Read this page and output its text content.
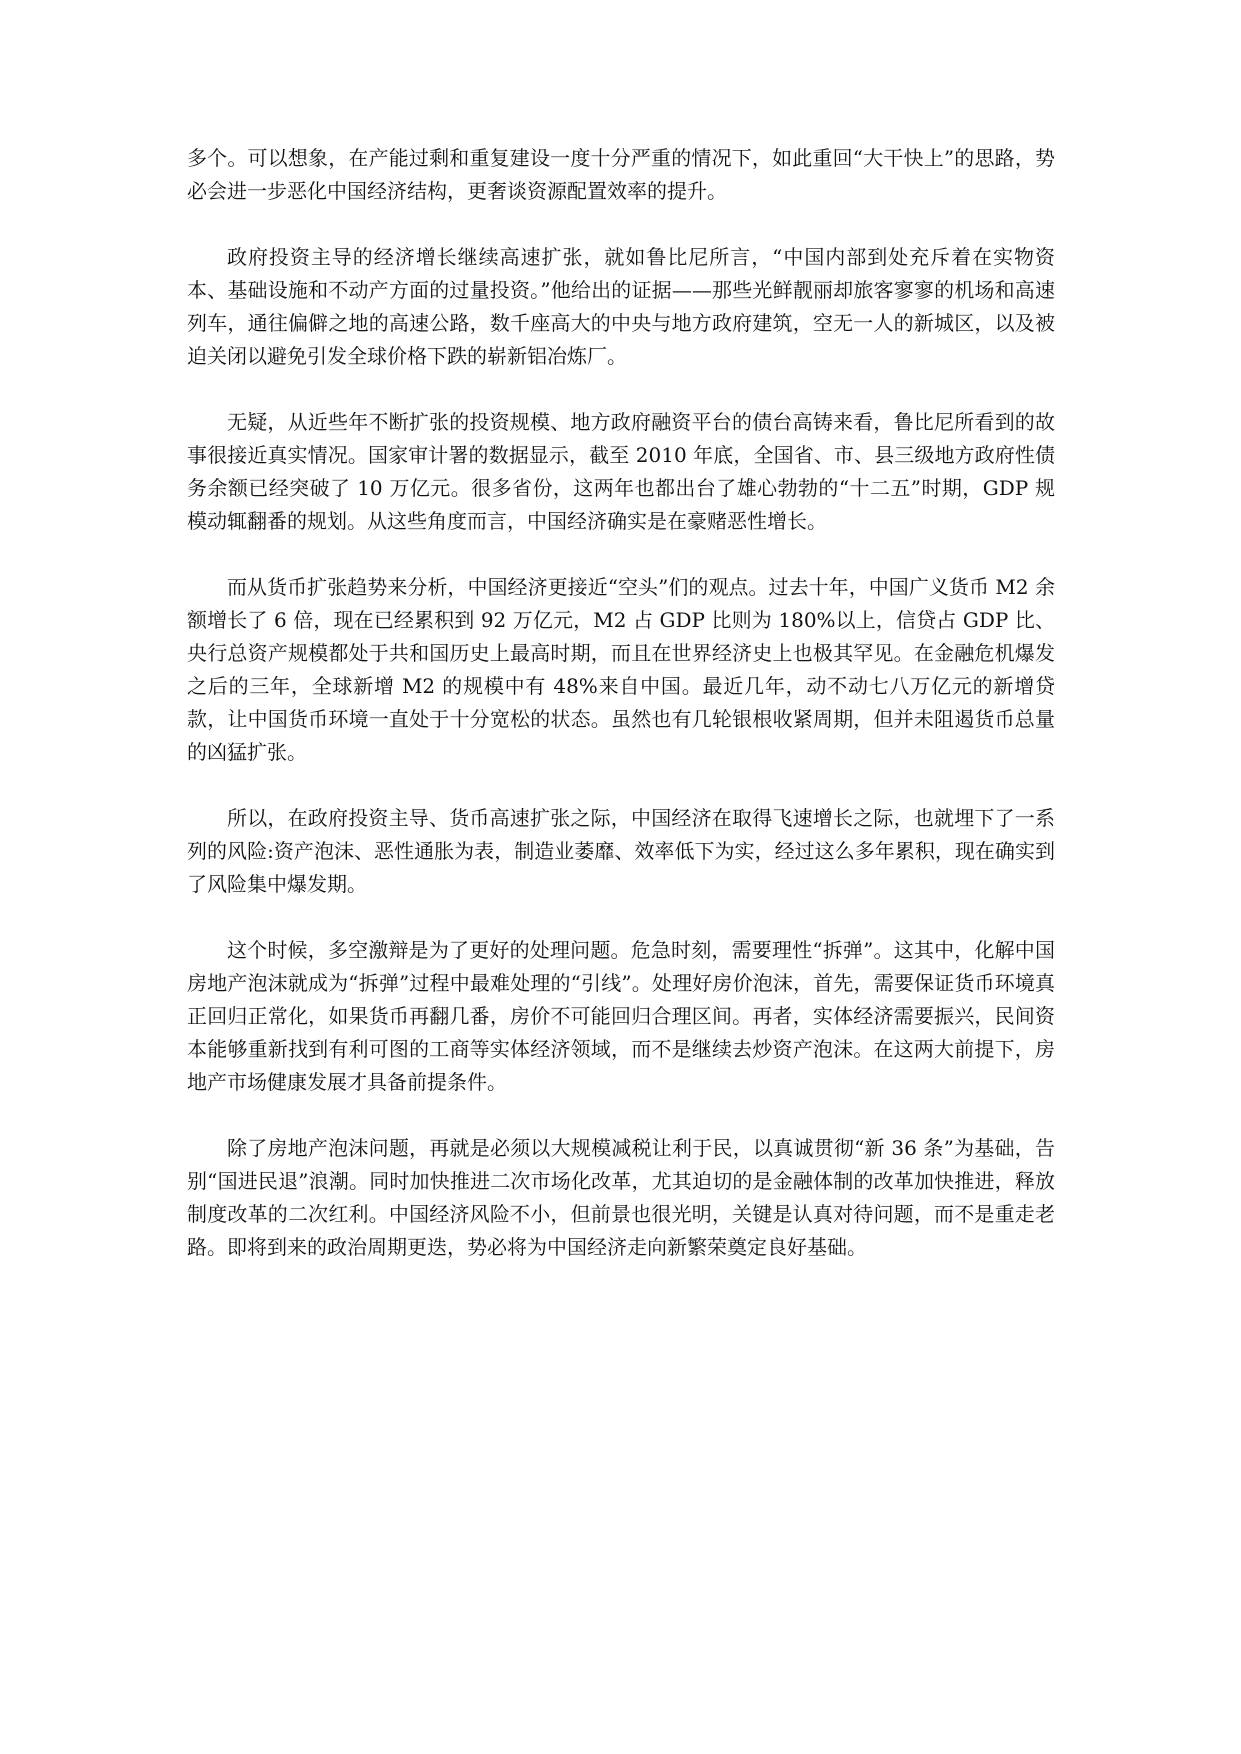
多个。可以想象，在产能过剩和重复建设一度十分严重的情况下，如此重回“大干快上”的思路，势必会进一步恶化中国经济结构，更奢谈资源配置效率的提升。

政府投资主导的经济增长继续高速扩张，就如鲁比尼所言，“中国内部到处充斥着在实物资本、基础设施和不动产方面的过量投资。”他给出的证据——那些光鲜靓丽却旅客寥寥的机场和高速列车，通往偏僻之地的高速公路，数千座高大的中央与地方政府建筑，空无一人的新城区，以及被迫关闭以避免引发全球价格下跌的崭新铝冶炼厂。

无疑，从近些年不断扩张的投资规模、地方政府融资平台的债台高铸来看，鲁比尼所看到的故事很接近真实情况。国家审计署的数据显示，截至 2010 年底，全国省、市、县三级地方政府性债务余额已经突破了 10 万亿元。很多省份，这两年也都出台了雄心勃勃的“十二五”时期，GDP 规模动辄翻番的规划。从这些角度而言，中国经济确实是在豪赌恶性增长。

而从货币扩张趋势来分析，中国经济更接近“空头”们的观点。过去十年，中国广义货币 M2 余额增长了 6 倍，现在已经累积到 92 万亿元，M2 占 GDP 比则为 180%以上，信贷占 GDP 比、央行总资产规模都处于共和国历史上最高时期，而且在世界经济史上也极其罕见。在金融危机爆发之后的三年，全球新增 M2 的规模中有 48%来自中国。最近几年，动不动七八万亿元的新增贷款，让中国货币环境一直处于十分宽松的状态。虽然也有几轮银根收紧周期，但并未阻遏货币总量的凶猛扩张。

所以，在政府投资主导、货币高速扩张之际，中国经济在取得飞速增长之际，也就埋下了一系列的风险:资产泡沫、恶性通胀为表，制造业萎靡、效率低下为实，经过这么多年累积，现在确实到了风险集中爆发期。

这个时候，多空激辩是为了更好的处理问题。危急时刻，需要理性“拆弹”。这其中，化解中国房地产泡沫就成为“拆弹”过程中最难处理的“引线”。处理好房价泡沫，首先，需要保证货币环境真正回归正常化，如果货币再翻几番，房价不可能回归合理区间。再者，实体经济需要振兴，民间资本能够重新找到有利可图的工商等实体经济领域，而不是继续去炒资产泡沫。在这两大前提下，房地产市场健康发展才具备前提条件。

除了房地产泡沫问题，再就是必须以大规模减税让利于民，以真诚贯彻“新 36 条”为基础，告别“国进民退”浪潮。同时加快推进二次市场化改革，尤其迫切的是金融体制的改革加快推进，释放制度改革的二次红利。中国经济风险不小，但前景也很光明，关键是认真对待问题，而不是重走老路。即将到来的政治周期更迭，势必将为中国经济走向新繁荣奠定良好基础。
